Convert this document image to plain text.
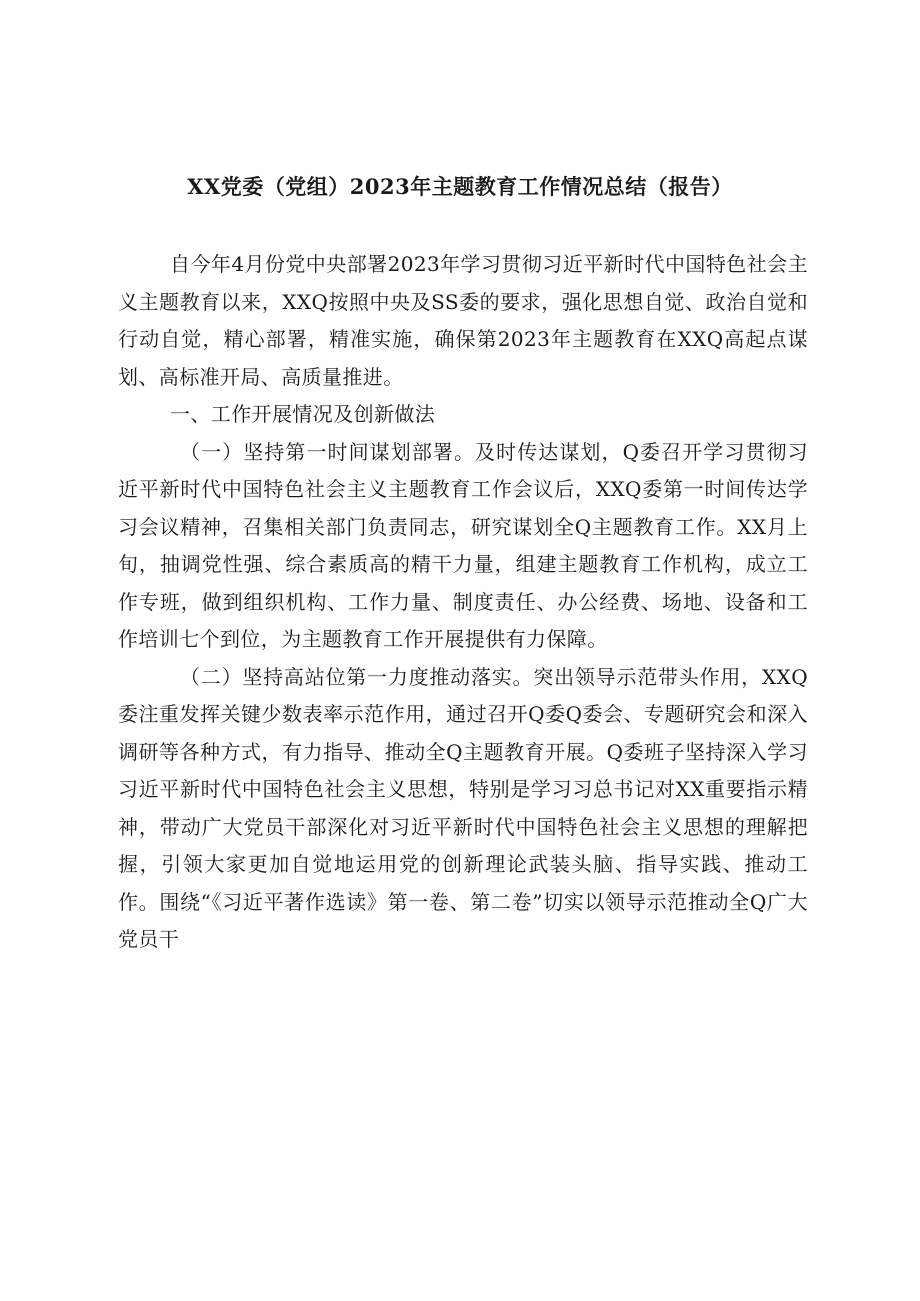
XX党委（党组）2023年主题教育工作情况总结（报告）

自今年4月份党中央部署2023年学习贯彻习近平新时代中国特色社会主义主题教育以来，XXQ按照中央及SS委的要求，强化思想自觉、政治自觉和行动自觉，精心部署，精准实施，确保第2023年主题教育在XXQ高起点谋划、高标准开局、高质量推进。

一、工作开展情况及创新做法

（一）坚持第一时间谋划部署。及时传达谋划，Q委召开学习贯彻习近平新时代中国特色社会主义主题教育工作会议后，XXQ委第一时间传达学习会议精神，召集相关部门负责同志，研究谋划全Q主题教育工作。XX月上旬，抽调党性强、综合素质高的精干力量，组建主题教育工作机构，成立工作专班，做到组织机构、工作力量、制度责任、办公经费、场地、设备和工作培训七个到位，为主题教育工作开展提供有力保障。

（二）坚持高站位第一力度推动落实。突出领导示范带头作用，XXQ委注重发挥关键少数表率示范作用，通过召开Q委Q委会、专题研究会和深入调研等各种方式，有力指导、推动全Q主题教育开展。Q委班子坚持深入学习习近平新时代中国特色社会主义思想，特别是学习习总书记对XX重要指示精神，带动广大党员干部深化对习近平新时代中国特色社会主义思想的理解把握，引领大家更加自觉地运用党的创新理论武装头脑、指导实践、推动工作。围绕“《习近平著作选读》第一卷、第二卷”切实以领导示范推动全Q广大党员干
